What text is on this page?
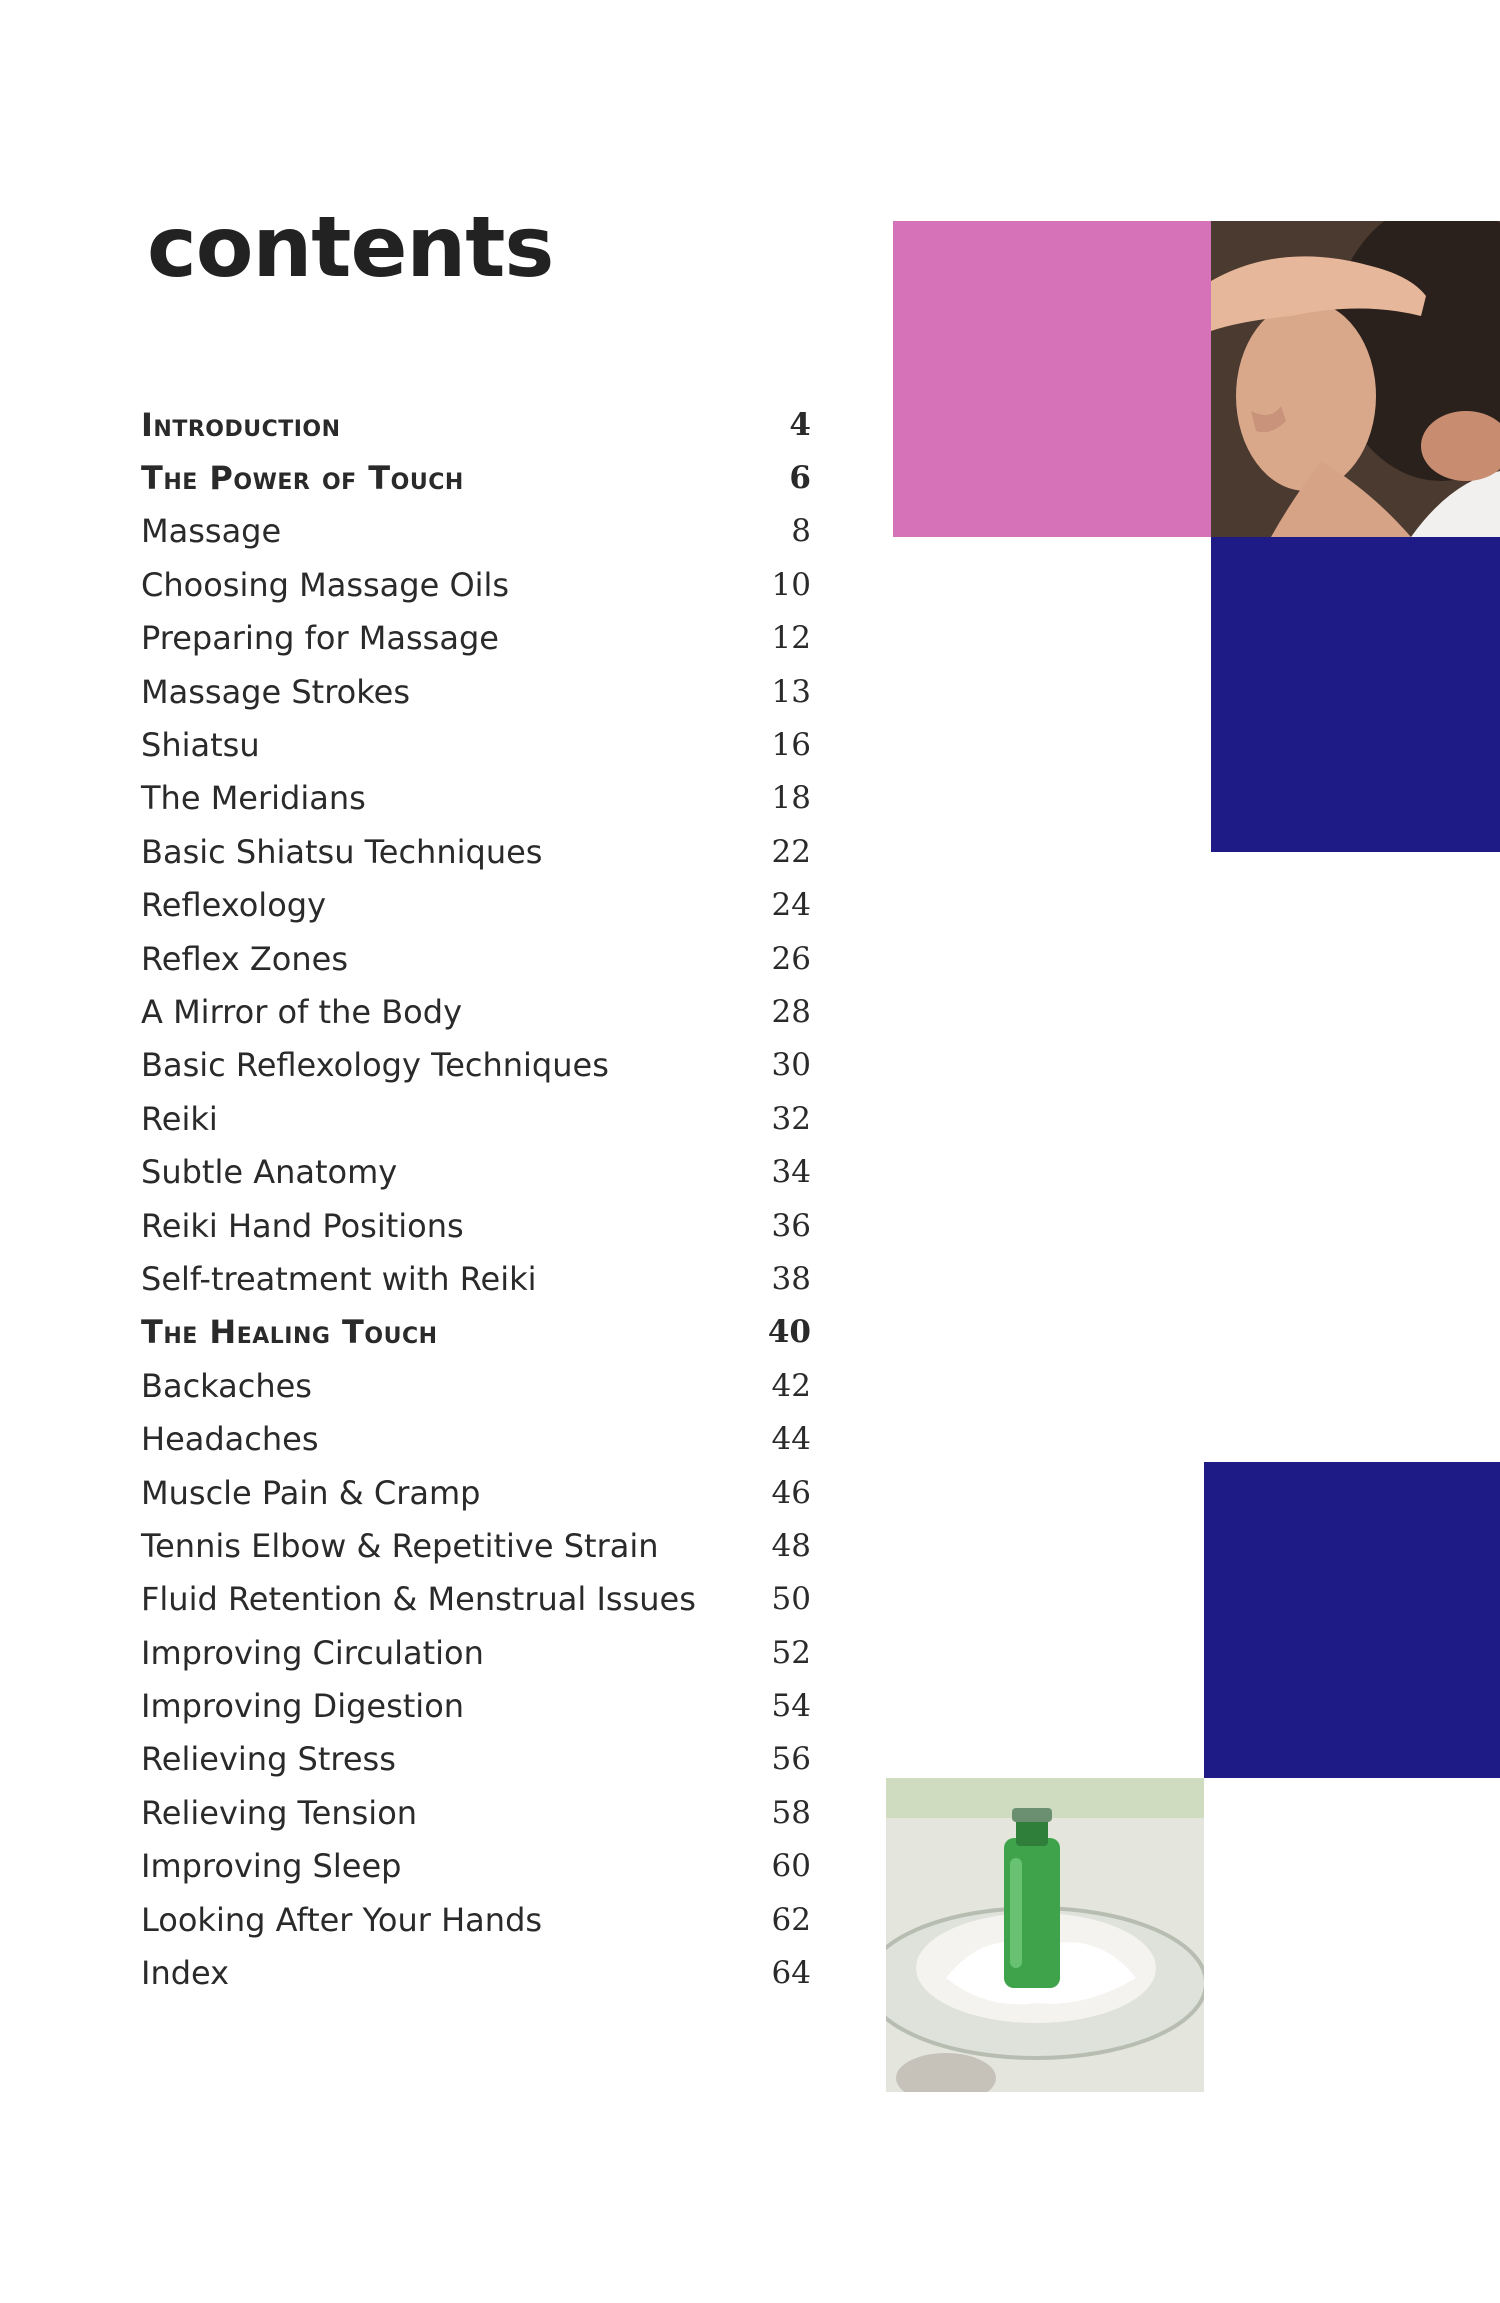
contents
Introduction	4
The Power of Touch	6
Massage	8
Choosing Massage Oils	10
Preparing for Massage	12
Massage Strokes	13
Shiatsu	16
The Meridians	18
Basic Shiatsu Techniques	22
Reflexology	24
Reflex Zones	26
A Mirror of the Body	28
Basic Reflexology Techniques	30
Reiki	32
Subtle Anatomy	34
Reiki Hand Positions	36
Self-treatment with Reiki	38
The Healing Touch	40
Backaches	42
Headaches	44
Muscle Pain & Cramp	46
Tennis Elbow & Repetitive Strain	48
Fluid Retention & Menstrual Issues	50
Improving Circulation	52
Improving Digestion	54
Relieving Stress	56
Relieving Tension	58
Improving Sleep	60
Looking After Your Hands	62
Index	64
